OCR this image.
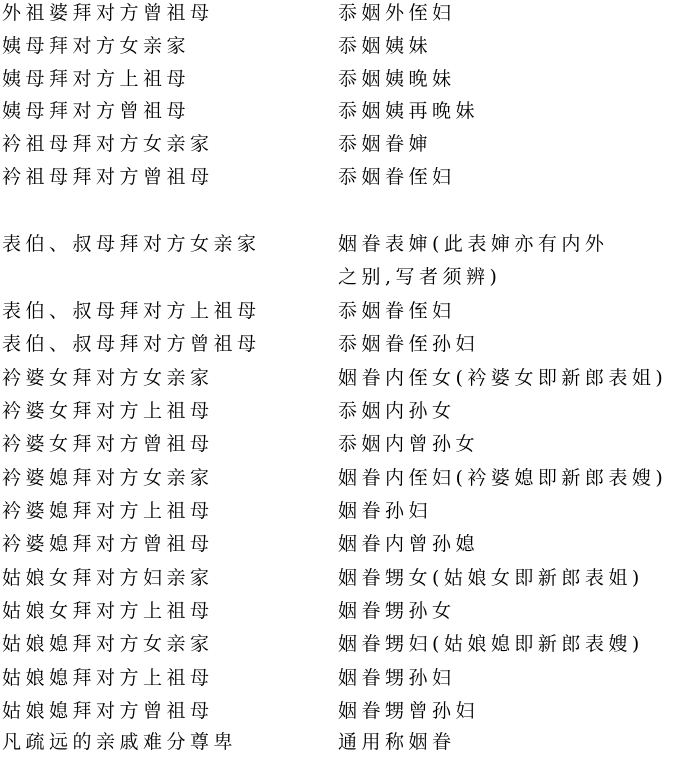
外祖婆拜对方曾祖母	忝姻外侄妇
姨母拜对方女亲家	忝姻姨妹
姨母拜对方上祖母	忝姻姨晚妹
姨母拜对方曾祖母	忝姻姨再晚妹
衿祖母拜对方女亲家	忝姻眷婶
衿祖母拜对方曾祖母	忝姻眷侄妇
表伯、叔母拜对方女亲家	姻眷表婶(此表婶亦有内外
之别,写者须辨)
表伯、叔母拜对方上祖母	忝姻眷侄妇
表伯、叔母拜对方曾祖母	忝姻眷侄孙妇
衿婆女拜对方女亲家	姻眷内侄女(衿婆女即新郎表姐)
衿婆女拜对方上祖母	忝姻内孙女
衿婆女拜对方曾祖母	忝姻内曾孙女
衿婆媳拜对方女亲家	姻眷内侄妇(衿婆媳即新郎表嫂)
衿婆媳拜对方上祖母	姻眷孙妇
衿婆媳拜对方曾祖母	姻眷内曾孙媳
姑娘女拜对方妇亲家	姻眷甥女(姑娘女即新郎表姐)
姑娘女拜对方上祖母	姻眷甥孙女
姑娘媳拜对方女亲家	姻眷甥妇(姑娘媳即新郎表嫂)
姑娘媳拜对方上祖母	姻眷甥孙妇
姑娘媳拜对方曾祖母	姻眷甥曾孙妇
凡疏远的亲戚难分尊卑	通用称姻眷
